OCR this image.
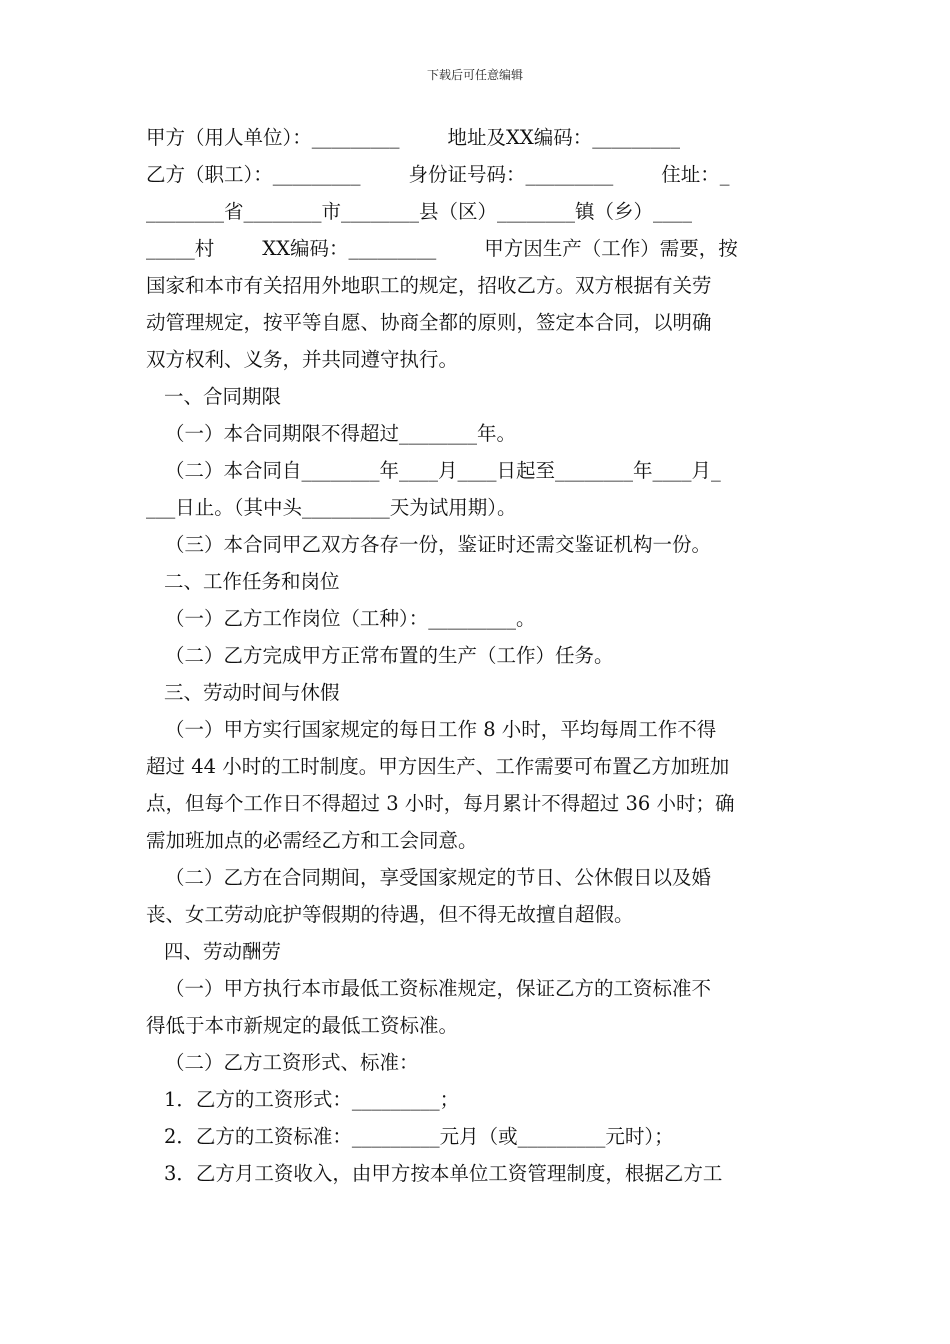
下载后可任意编辑
甲方（用人单位）：_________ 地址及XX编码：_________
乙方（职工）：_________ 身份证号码：_________ 住址：_
________省________市________县（区）________镇（乡）____
_____村 XX编码：_________ 甲方因生产（工作）需要，按
国家和本市有关招用外地职工的规定，招收乙方。双方根据有关劳
动管理规定，按平等自愿、协商全都的原则，签定本合同，以明确
双方权利、义务，并共同遵守执行。
一、合同期限
（一）本合同期限不得超过________年。
（二）本合同自________年____月____日起至________年____月_
___日止。（其中头_________天为试用期）。
（三）本合同甲乙双方各存一份，鉴证时还需交鉴证机构一份。
二、工作任务和岗位
（一）乙方工作岗位（工种）：_________。
（二）乙方完成甲方正常布置的生产（工作）任务。
三、劳动时间与休假
（一）甲方实行国家规定的每日工作 8 小时，平均每周工作不得
超过 44 小时的工时制度。甲方因生产、工作需要可布置乙方加班加
点，但每个工作日不得超过 3 小时，每月累计不得超过 36 小时；确
需加班加点的必需经乙方和工会同意。
（二）乙方在合同期间，享受国家规定的节日、公休假日以及婚
丧、女工劳动庇护等假期的待遇，但不得无故擅自超假。
四、劳动酬劳
（一）甲方执行本市最低工资标准规定，保证乙方的工资标准不
得低于本市新规定的最低工资标准。
（二）乙方工资形式、标准：
1．乙方的工资形式：_________；
2．乙方的工资标准：_________元月（或_________元时）；
3．乙方月工资收入，由甲方按本单位工资管理制度，根据乙方工
